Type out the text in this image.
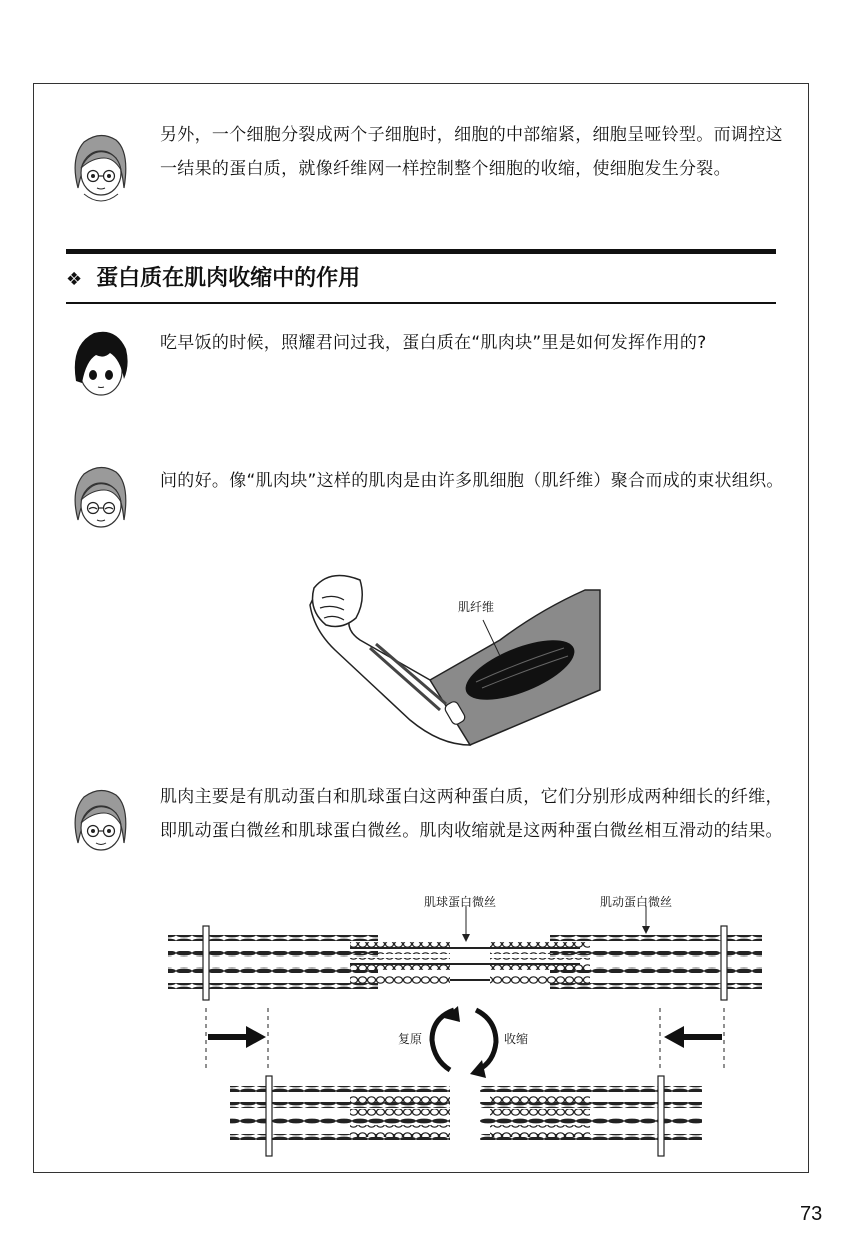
另外，一个细胞分裂成两个子细胞时，细胞的中部缩紧，细胞呈哑铃型。而调控这一结果的蛋白质，就像纤维网一样控制整个细胞的收缩，使细胞发生分裂。
❖ 蛋白质在肌肉收缩中的作用
吃早饭的时候，照耀君问过我，蛋白质在“肌肉块”里是如何发挥作用的?
问的好。像“肌肉块”这样的肌肉是由许多肌细胞（肌纤维）聚合而成的束状组织。
肌纤维
肌肉主要是有肌动蛋白和肌球蛋白这两种蛋白质，它们分别形成两种细长的纤维，即肌动蛋白微丝和肌球蛋白微丝。肌肉收缩就是这两种蛋白微丝相互滑动的结果。
肌球蛋白微丝	肌动蛋白微丝
复原	收缩
73
